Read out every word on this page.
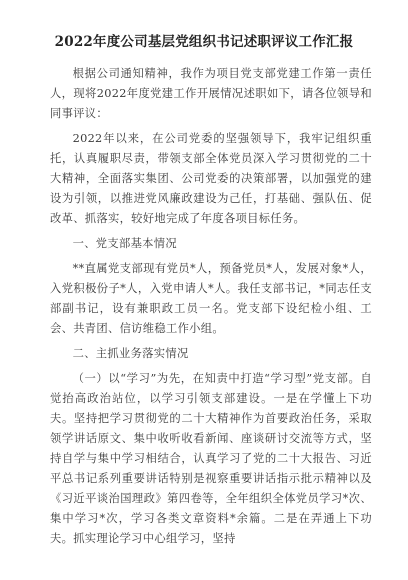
2022年度公司基层党组织书记述职评议工作汇报

根据公司通知精神，我作为项目党支部党建工作第一责任人，现将2022年度党建工作开展情况述职如下，请各位领导和同事评议：

2022年以来，在公司党委的坚强领导下，我牢记组织重托，认真履职尽责，带领支部全体党员深入学习贯彻党的二十大精神，全面落实集团、公司党委的决策部署，以加强党的建设为引领，以推进党风廉政建设为己任，打基础、强队伍、促改革、抓落实，较好地完成了年度各项目标任务。

一、党支部基本情况

**直属党支部现有党员*人，预备党员*人，发展对象*人，入党积极份子*人，入党申请人*人。我任支部书记，*同志任支部副书记，设有兼职政工员一名。党支部下设纪检小组、工会、共青团、信访维稳工作小组。

二、主抓业务落实情况

（一）以“学习”为先，在知责中打造“学习型”党支部。自觉抬高政治站位，以学习引领支部建设。一是在学懂上下功夫。坚持把学习贯彻党的二十大精神作为首要政治任务，采取领学讲话原文、集中收听收看新闻、座谈研讨交流等方式，坚持自学与集中学习相结合，认真学习了党的二十大报告、习近平总书记系列重要讲话特别是视察重要讲话指示批示精神以及《习近平谈治国理政》第四卷等，全年组织全体党员学习*次、集中学习*次，学习各类文章资料*余篇。二是在弄通上下功夫。抓实理论学习中心组学习，坚持
